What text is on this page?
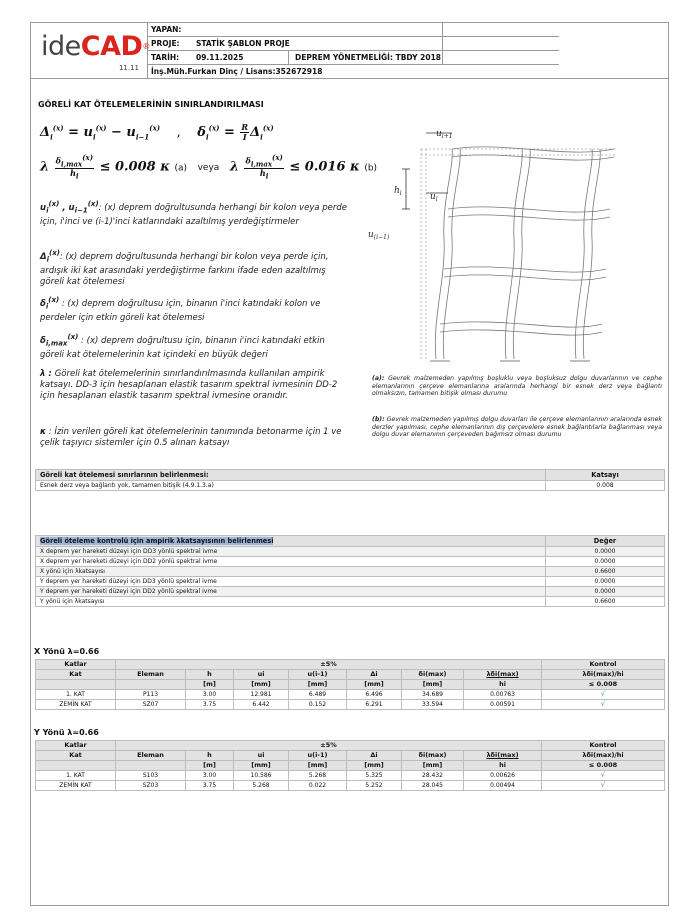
ideCAD®
11.11
YAPAN:
PROJE: STATİK ŞABLON PROJE
TARİH: 09.11.2025	DEPREM YÖNETMELİĞİ: TBDY 2018
İnş.Müh.Furkan Dinç / Lisans:352672918
GÖRELİ KAT ÖTELEMELERİNİN SINIRLANDIRILMASI
$\Delta_i^{(x)} = u_i^{(x)} - u_{i-1}^{(x)}$ , $\delta_i^{(x)} = \frac{R}{I} \Delta_i^{(x)}$
λ $\frac{\delta_{i,max}^{(x)}}{h_i} \le 0.008$ κ (a) veya λ $\frac{\delta_{i,max}^{(x)}}{h_i} \le 0.016$ κ (b)
$u_i^{(x)}$ , $u_{i-1}^{(x)}$: (x) deprem doğrultusunda herhangi bir kolon veya perde için, i'inci ve (i-1)'inci katlarındaki azaltılmış yerdeğiştirmeler
$\Delta_i^{(x)}$: (x) deprem doğrultusunda herhangi bir kolon veya perde için, ardışık iki kat arasındaki yerdeğiştirme farkını ifade eden azaltılmış göreli kat ötelemesi
$\delta_i^{(x)}$ : (x) deprem doğrultusu için, binanın i'inci katındaki kolon ve perdeler için etkin göreli kat ötelemesi
$\delta_{i,max}^{(x)}$ : (x) deprem doğrultusu için, binanın i'inci katındaki etkin göreli kat ötelemelerinin kat içindeki en büyük değeri
λ : Göreli kat ötelemelerinin sınırlandırılmasında kullanılan ampirik katsayı. DD-3 için hesaplanan elastik tasarım spektral ivmesinin DD-2 için hesaplanan elastik tasarım spektral ivmesine oranıdır.
κ : İzin verilen göreli kat ötelemelerinin tanımında betonarme için 1 ve çelik taşıyıcı sistemler için 0.5 alınan katsayı
$u_{i+1}$
$h_i$	$u_i$
$u_{(i-1)}$
(a): Gevrek malzemeden yapılmış boşluklu veya boşluksuz dolgu duvarlarının ve cephe elemanlarının çerçeve elemanlarına aralarında herhangi bir esnek derz veya bağlantı olmaksızın, tamamen bitişik olması durumu
(b): Gevrek malzemeden yapılmış dolgu duvarları ile çerçeve elemanlarının aralarında esnek derzler yapılması, cephe elemanlarının dış çerçevelere esnek bağlantılarla bağlanması veya dolgu duvar elemanının çerçeveden bağımsız olması durumu
Göreli kat ötelemesi sınırlarının belirlenmesi:	Katsayı
Esnek derz veya bağlantı yok, tamamen bitişik (4.9.1.3.a)	0.008
Göreli öteleme kontrolü için ampirik λkatsayısının belirlenmesi	Değer
X deprem yer hareketi düzeyi için DD3 yönlü spektral ivme	0.0000
X deprem yer hareketi düzeyi için DD2 yönlü spektral ivme	0.0000
X yönü için λkatsayısı	0.6600
Y deprem yer hareketi düzeyi için DD3 yönlü spektral ivme	0.0000
Y deprem yer hareketi düzeyi için DD2 yönlü spektral ivme	0.0000
Y yönü için λkatsayısı	0.6600
X Yönü λ=0.66
Katlar	±5%							Kontrol
Kat	Eleman	h	ui	u(i-1)	Δi	δi(max)	λδi(max)	λδi(max)/hi
		[m]	[mm]	[mm]	[mm]	[mm]	hi	≤ 0.008
1. KAT	P113	3.00	12.981	6.489	6.496	34.689	0.00763	√
ZEMİN KAT	SZ07	3.75	6.442	0.152	6.291	33.594	0.00591	√
Y Yönü λ=0.66
Katlar	±5%							Kontrol
Kat	Eleman	h	ui	u(i-1)	Δi	δi(max)	λδi(max)	λδi(max)/hi
		[m]	[mm]	[mm]	[mm]	[mm]	hi	≤ 0.008
1. KAT	S103	3.00	10.586	5.268	5.325	28.432	0.00626	√
ZEMİN KAT	SZ03	3.75	5.268	0.022	5.252	28.045	0.00494	√
